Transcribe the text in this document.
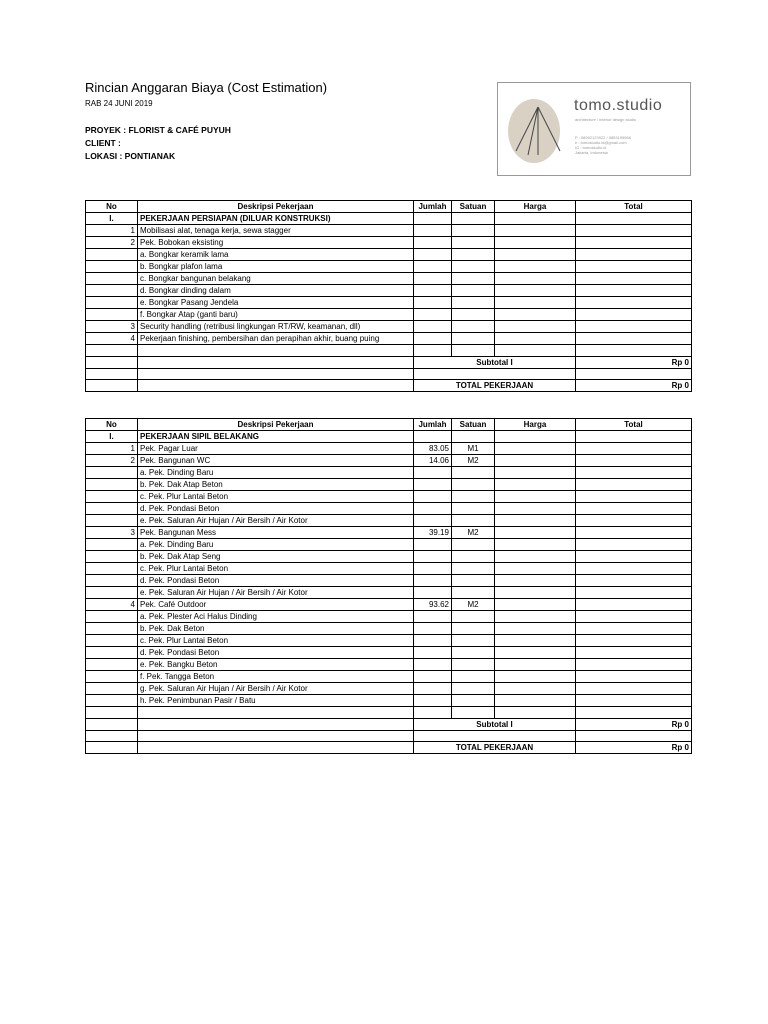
Rincian Anggaran Biaya (Cost Estimation)
RAB 24 JUNI 2019
PROYEK : FLORIST & CAFÉ PUYUH
CLIENT :
LOKASI : PONTIANAK
tomo.studio
architecture / interior design studio
P : 08992123922 / 0853195966
e : tomostudio.id@gmail.com
IG : tomostudio.id
Jakarta, Indonesia
No	Deskripsi Pekerjaan	Jumlah	Satuan	Harga	Total
I.	PEKERJAAN PERSIAPAN (DILUAR KONSTRUKSI)				
1	Mobilisasi alat, tenaga kerja, sewa stagger				
2	Pek. Bobokan eksisting				
	a. Bongkar keramik lama				
	b. Bongkar plafon lama				
	c. Bongkar bangunan belakang				
	d. Bongkar dinding dalam				
	e. Bongkar Pasang Jendela				
	f. Bongkar Atap (ganti baru)				
3	Security handling (retribusi lingkungan RT/RW, keamanan, dll)				
4	Pekerjaan finishing, pembersihan dan perapihan akhir, buang puing				

		Subtotal I			Rp 0

		TOTAL PEKERJAAN			Rp 0
No	Deskripsi Pekerjaan	Jumlah	Satuan	Harga	Total
I.	PEKERJAAN SIPIL BELAKANG				
1	Pek. Pagar Luar	83.05	M1		
2	Pek. Bangunan WC	14.06	M2		
	a. Pek. Dinding Baru				
	b. Pek. Dak Atap Beton				
	c. Pek. Plur Lantai Beton				
	d. Pek. Pondasi Beton				
	e. Pek. Saluran Air Hujan / Air Bersih / Air Kotor				
3	Pek. Bangunan Mess	39.19	M2		
	a. Pek. Dinding Baru				
	b. Pek. Dak Atap Seng				
	c. Pek. Plur Lantai Beton				
	d. Pek. Pondasi Beton				
	e. Pek. Saluran Air Hujan / Air Bersih / Air Kotor				
4	Pek. Café Outdoor	93.62	M2		
	a. Pek. Plester Aci Halus Dinding				
	b. Pek. Dak Beton				
	c. Pek. Plur Lantai Beton				
	d. Pek. Pondasi Beton				
	e. Pek. Bangku Beton				
	f. Pek. Tangga Beton				
	g. Pek. Saluran Air Hujan / Air Bersih / Air Kotor				
	h. Pek. Penimbunan Pasir / Batu				

		Subtotal I			Rp 0

		TOTAL PEKERJAAN			Rp 0
